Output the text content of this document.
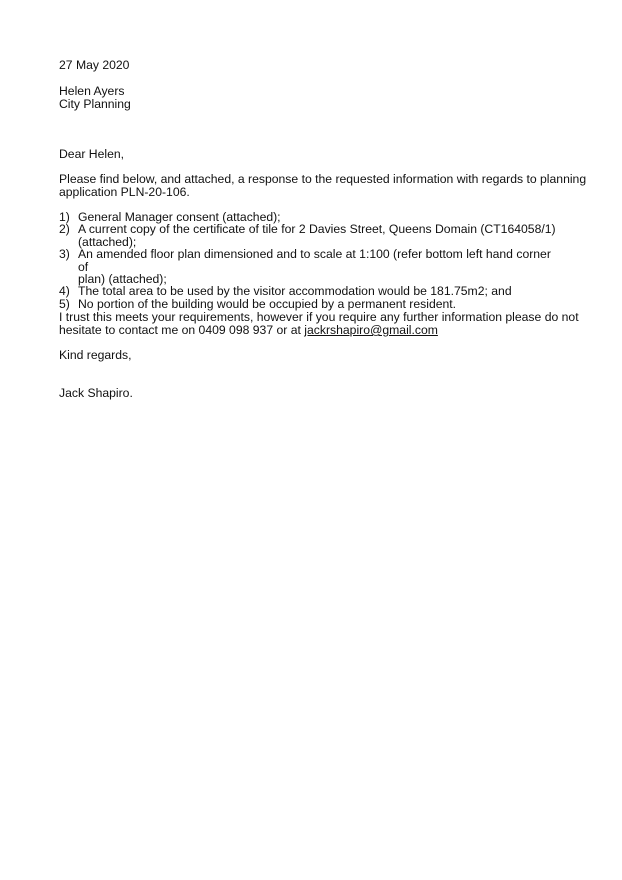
27 May 2020
Helen Ayers
City Planning
Dear Helen,
Please find below, and attached, a response to the requested information with regards to planning
application PLN-20-106.
1) General Manager consent (attached);
2) A current copy of the certificate of tile for 2 Davies Street, Queens Domain (CT164058/1)
(attached);
3) An amended floor plan dimensioned and to scale at 1:100 (refer bottom left hand corner of
plan) (attached);
4) The total area to be used by the visitor accommodation would be 181.75m2; and
5) No portion of the building would be occupied by a permanent resident.
I trust this meets your requirements, however if you require any further information please do not
hesitate to contact me on 0409 098 937 or at jackrshapiro@gmail.com
Kind regards,
Jack Shapiro.
